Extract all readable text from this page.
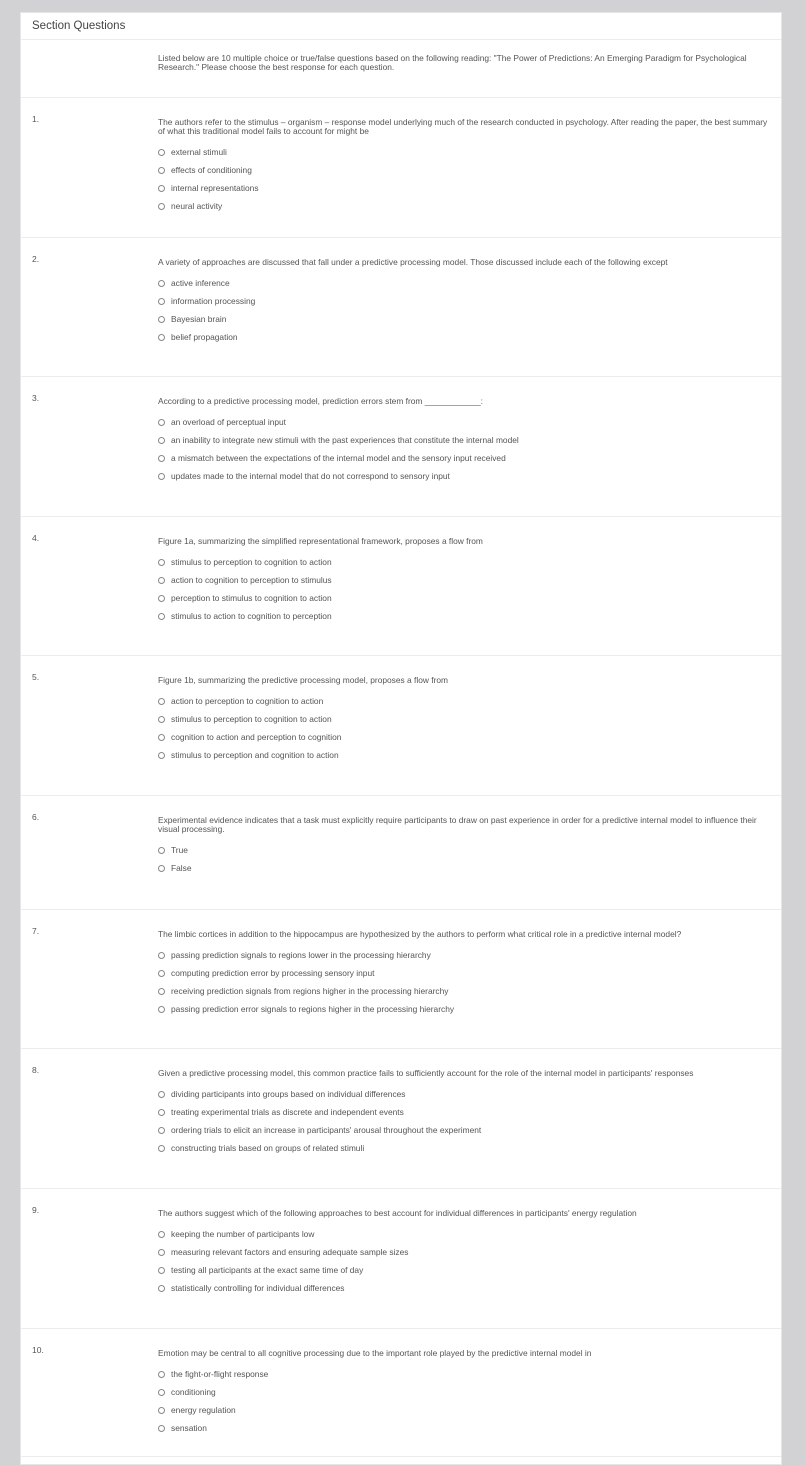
Section Questions
Listed below are 10 multiple choice or true/false questions based on the following reading: "The Power of Predictions: An Emerging Paradigm for Psychological Research." Please choose the best response for each question.
1.	The authors refer to the stimulus – organism – response model underlying much of the research conducted in psychology. After reading the paper, the best summary of what this traditional model fails to account for might be
external stimuli
effects of conditioning
internal representations
neural activity
2.	A variety of approaches are discussed that fall under a predictive processing model. Those discussed include each of the following except
active inference
information processing
Bayesian brain
belief propagation
3.	According to a predictive processing model, prediction errors stem from ____________:
an overload of perceptual input
an inability to integrate new stimuli with the past experiences that constitute the internal model
a mismatch between the expectations of the internal model and the sensory input received
updates made to the internal model that do not correspond to sensory input
4.	Figure 1a, summarizing the simplified representational framework, proposes a flow from
stimulus to perception to cognition to action
action to cognition to perception to stimulus
perception to stimulus to cognition to action
stimulus to action to cognition to perception
5.	Figure 1b, summarizing the predictive processing model, proposes a flow from
action to perception to cognition to action
stimulus to perception to cognition to action
cognition to action and perception to cognition
stimulus to perception and cognition to action
6.	Experimental evidence indicates that a task must explicitly require participants to draw on past experience in order for a predictive internal model to influence their visual processing.
True
False
7.	The limbic cortices in addition to the hippocampus are hypothesized by the authors to perform what critical role in a predictive internal model?
passing prediction signals to regions lower in the processing hierarchy
computing prediction error by processing sensory input
receiving prediction signals from regions higher in the processing hierarchy
passing prediction error signals to regions higher in the processing hierarchy
8.	Given a predictive processing model, this common practice fails to sufficiently account for the role of the internal model in participants' responses
dividing participants into groups based on individual differences
treating experimental trials as discrete and independent events
ordering trials to elicit an increase in participants' arousal throughout the experiment
constructing trials based on groups of related stimuli
9.	The authors suggest which of the following approaches to best account for individual differences in participants' energy regulation
keeping the number of participants low
measuring relevant factors and ensuring adequate sample sizes
testing all participants at the exact same time of day
statistically controlling for individual differences
10.	Emotion may be central to all cognitive processing due to the important role played by the predictive internal model in
the fight-or-flight response
conditioning
energy regulation
sensation
